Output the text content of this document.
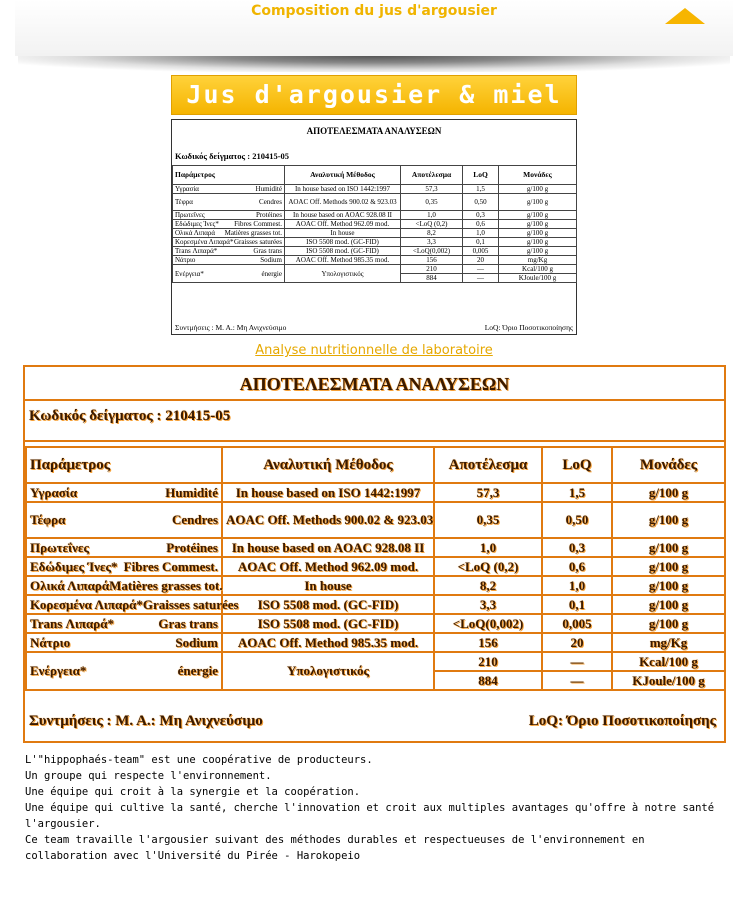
Composition du jus d'argousier
Jus d'argousier & miel
ΑΠΟΤΕΛΕΣΜΑΤΑ ΑΝΑΛΥΣΕΩΝ
Κωδικός δείγματος : 210415-05
Παράμετρος	Αναλυτική Μέθοδος	Αποτέλεσμα	LoQ	Μονάδες

Υγρασία Humidité	In house based on ISO 1442:1997	57,3	1,5	g/100 g

Τέφρα Cendres	AOAC Off. Methods 900.02 & 923.03	0,35	0,50	g/100 g

Πρωτεΐνες Protéines	In house based on AOAC 928.08 II	1,0	0,3	g/100 g

Εδώδιμες Ίνες* Fibres Commest.	AOAC Off. Method 962.09 mod.	<LoQ (0,2)	0,6	g/100 g

Ολικά Λιπαρά Matières grasses tot.	In house	8,2	1,0	g/100 g

Κορεσμένα Λιπαρά* Graisses saturées	ISO 5508 mod. (GC-FID)	3,3	0,1	g/100 g

Trans Λιπαρά* Gras trans	ISO 5508 mod. (GC-FID)	<LoQ(0,002)	0,005	g/100 g

Νάτριο Sodium	AOAC Off. Method 985.35 mod.	156	20	mg/Kg

Ενέργεια* énergie	Υπολογιστικός	210	—	Kcal/100 g
		884	—	KJoule/100 g
Συντμήσεις : Μ. Α.: Μη Ανιχνεύσιμο	LoQ: Όριο Ποσοτικοποίησης
Analyse nutritionnelle de laboratoire
ΑΠΟΤΕΛΕΣΜΑΤΑ ΑΝΑΛΥΣΕΩΝ
Κωδικός δείγματος : 210415-05
Παράμετρος	Αναλυτική Μέθοδος	Αποτέλεσμα	LoQ	Μονάδες

Υγρασία Humidité	In house based on ISO 1442:1997	57,3	1,5	g/100 g

Τέφρα Cendres	AOAC Off. Methods 900.02 & 923.03	0,35	0,50	g/100 g

Πρωτεΐνες Protéines	In house based on AOAC 928.08 II	1,0	0,3	g/100 g

Εδώδιμες Ίνες* Fibres Commest.	AOAC Off. Method 962.09 mod.	<LoQ (0,2)	0,6	g/100 g

Ολικά Λιπαρά Matières grasses tot.	In house	8,2	1,0	g/100 g

Κορεσμένα Λιπαρά* Graisses saturées	ISO 5508 mod. (GC-FID)	3,3	0,1	g/100 g

Trans Λιπαρά* Gras trans	ISO 5508 mod. (GC-FID)	<LoQ(0,002)	0,005	g/100 g

Νάτριο Sodium	AOAC Off. Method 985.35 mod.	156	20	mg/Kg

Ενέργεια* énergie	Υπολογιστικός	210	—	Kcal/100 g
		884	—	KJoule/100 g
Συντμήσεις : Μ. Α.: Μη Ανιχνεύσιμο	LoQ: Όριο Ποσοτικοποίησης
L'"hippophaés-team" est une coopérative de producteurs.
Un groupe qui respecte l'environnement.
Une équipe qui croit à la synergie et la coopération.
Une équipe qui cultive la santé, cherche l'innovation et croit aux multiples avantages qu'offre à notre santé l'argousier.
Ce team travaille l'argousier suivant des méthodes durables et respectueuses de l'environnement en collaboration avec l'Université du Pirée - Harokopeio
